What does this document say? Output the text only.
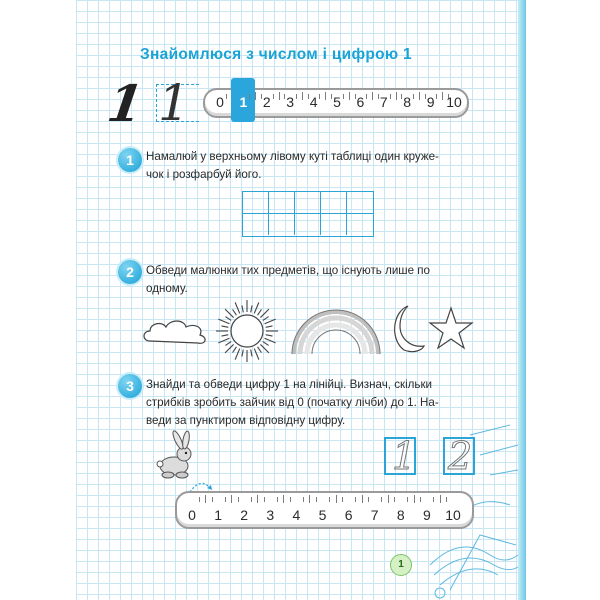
Знайомлюся з числом і цифрою 1
1 1 0 1 2 3 4 5 6 7 8 9 10
1	Намалюй у верхньому лівому куті таблиці один круже-
чок і розфарбуй його.
2	Обведи малюнки тих предметів, що існують лише по
одному.
3	Знайди та обведи цифру 1 на лінійці. Визнач, скільки
стрибків зробить зайчик від 0 (початку лічби) до 1. На-
веди за пунктиром відповідну цифру.
1 2
0 1 2 3 4 5 6 7 8 9 10
1
